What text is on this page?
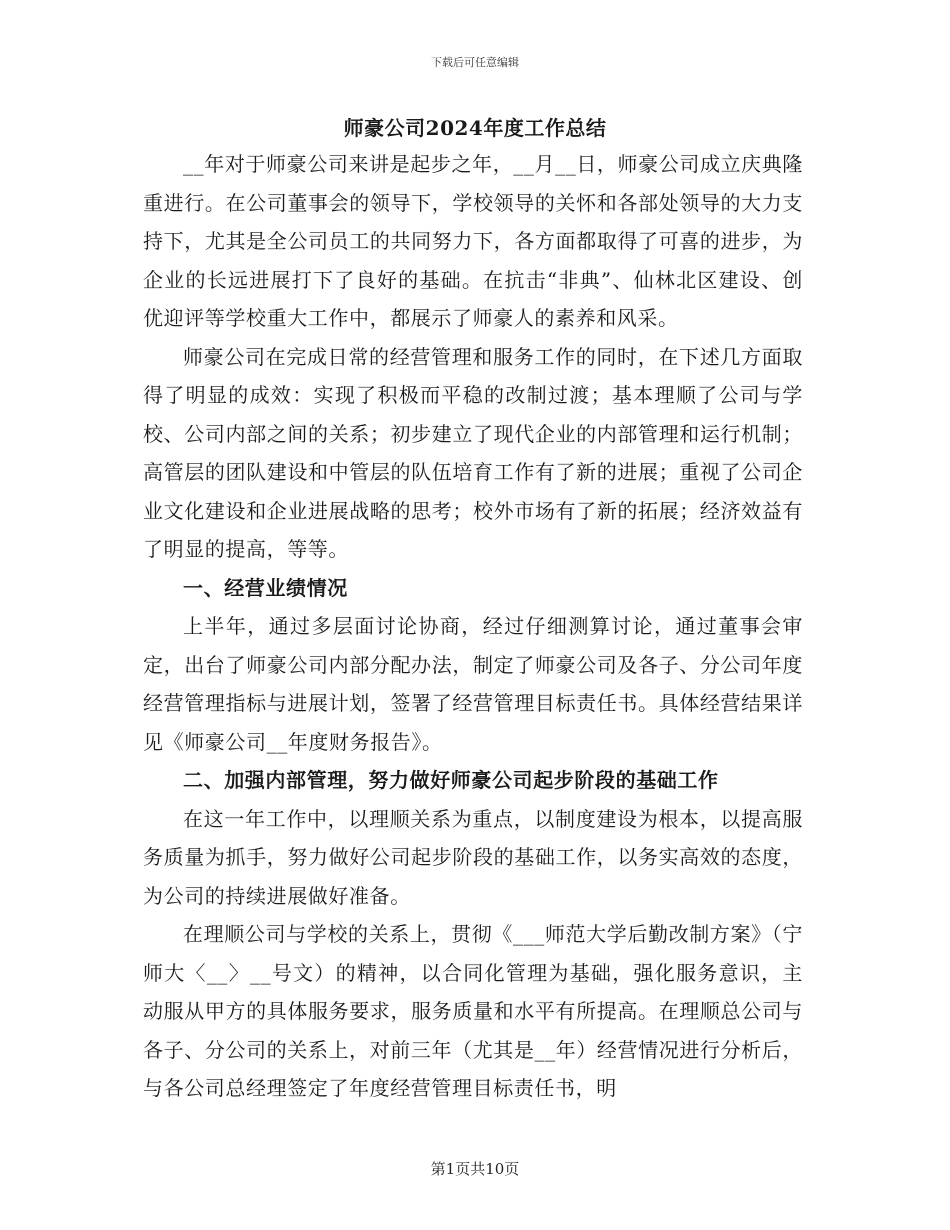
下载后可任意编辑
师豪公司2024年度工作总结

__年对于师豪公司来讲是起步之年，__月__日，师豪公司成立庆典隆重进行。在公司董事会的领导下，学校领导的关怀和各部处领导的大力支持下，尤其是全公司员工的共同努力下，各方面都取得了可喜的进步，为企业的长远进展打下了良好的基础。在抗击“非典”、仙林北区建设、创优迎评等学校重大工作中，都展示了师豪人的素养和风采。

师豪公司在完成日常的经营管理和服务工作的同时，在下述几方面取得了明显的成效：实现了积极而平稳的改制过渡；基本理顺了公司与学校、公司内部之间的关系；初步建立了现代企业的内部管理和运行机制；高管层的团队建设和中管层的队伍培育工作有了新的进展；重视了公司企业文化建设和企业进展战略的思考；校外市场有了新的拓展；经济效益有了明显的提高，等等。

一、经营业绩情况

上半年，通过多层面讨论协商，经过仔细测算讨论，通过董事会审定，出台了师豪公司内部分配办法，制定了师豪公司及各子、分公司年度经营管理指标与进展计划，签署了经营管理目标责任书。具体经营结果详见《师豪公司__年度财务报告》。

二、加强内部管理，努力做好师豪公司起步阶段的基础工作

在这一年工作中，以理顺关系为重点，以制度建设为根本，以提高服务质量为抓手，努力做好公司起步阶段的基础工作，以务实高效的态度，为公司的持续进展做好准备。

在理顺公司与学校的关系上，贯彻《___师范大学后勤改制方案》（宁师大〈__〉__号文）的精神，以合同化管理为基础，强化服务意识，主动服从甲方的具体服务要求，服务质量和水平有所提高。在理顺总公司与各子、分公司的关系上，对前三年（尤其是__年）经营情况进行分析后，与各公司总经理签定了年度经营管理目标责任书，明

第1页共10页
